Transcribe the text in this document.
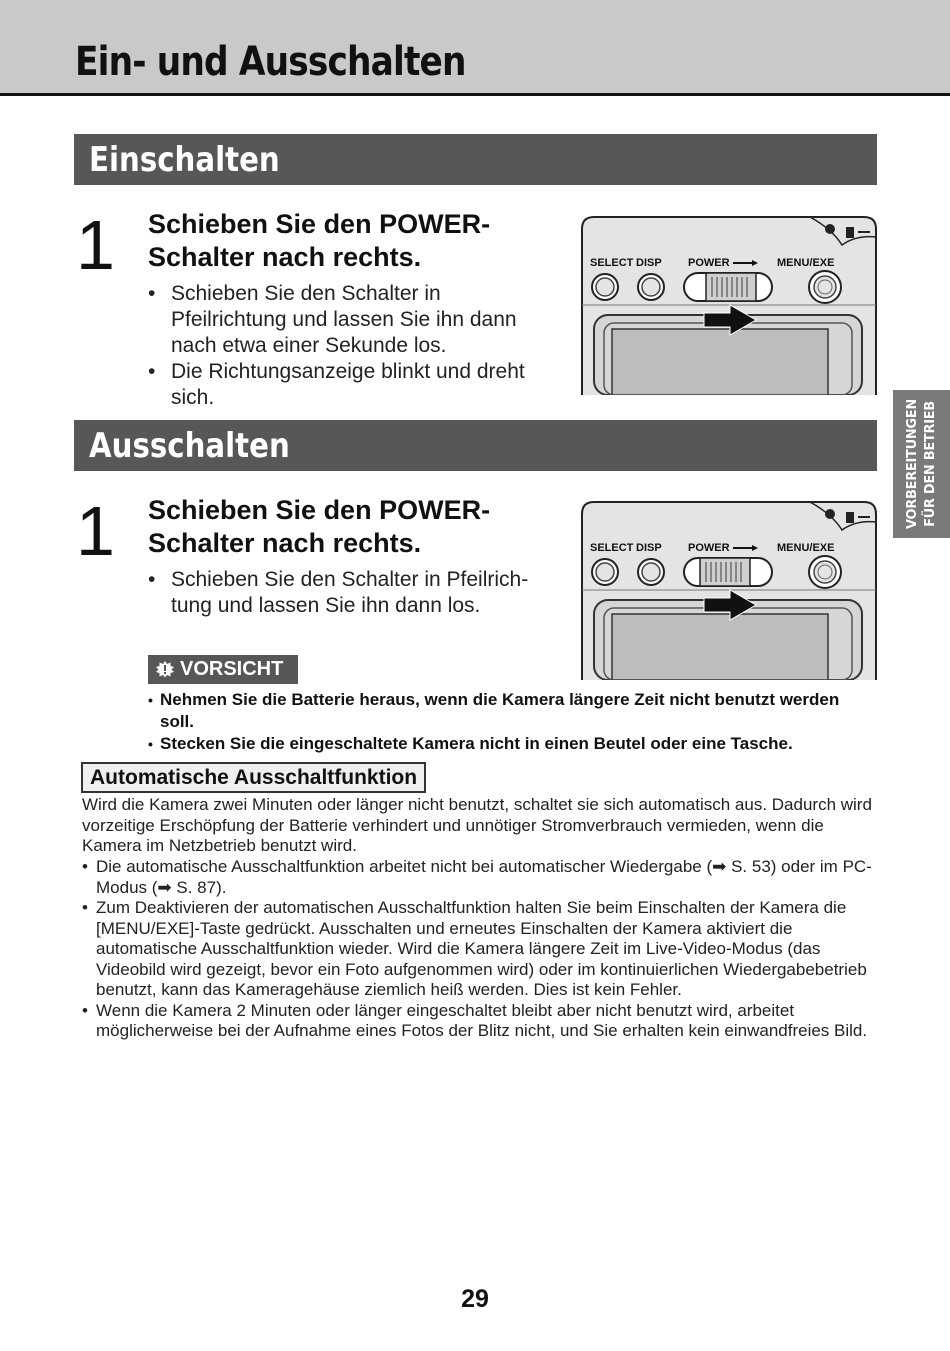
Ein- und Ausschalten
Einschalten
1 Schieben Sie den POWER-Schalter nach rechts.
• Schieben Sie den Schalter in Pfeilrichtung und lassen Sie ihn dann nach etwa einer Sekunde los.
• Die Richtungsanzeige blinkt und dreht sich.
SELECT DISP POWER	MENU/EXE
Ausschalten
1 Schieben Sie den POWER-Schalter nach rechts.
• Schieben Sie den Schalter in Pfeilrich-tung und lassen Sie ihn dann los.
SELECT DISP POWER	MENU/EXE
VORBEREITUNGEN FÜR DEN BETRIEB
VORSICHT
• Nehmen Sie die Batterie heraus, wenn die Kamera längere Zeit nicht benutzt werden soll.
• Stecken Sie die eingeschaltete Kamera nicht in einen Beutel oder eine Tasche.
Automatische Ausschaltfunktion

Wird die Kamera zwei Minuten oder länger nicht benutzt, schaltet sie sich automatisch aus. Dadurch wird vorzeitige Erschöpfung der Batterie verhindert und unnötiger Stromverbrauch vermieden, wenn die Kamera im Netzbetrieb benutzt wird.

• Die automatische Ausschaltfunktion arbeitet nicht bei automatischer Wiedergabe (➡ S. 53) oder im PC-Modus (➡ S. 87).
• Zum Deaktivieren der automatischen Ausschaltfunktion halten Sie beim Einschalten der Kamera die [MENU/EXE]-Taste gedrückt. Ausschalten und erneutes Einschalten der Kamera aktiviert die automatische Ausschaltfunktion wieder. Wird die Kamera längere Zeit im Live-Video-Modus (das Videobild wird gezeigt, bevor ein Foto aufgenommen wird) oder im kontinuierlichen Wiedergabebetrieb benutzt, kann das Kameragehäuse ziemlich heiß werden. Dies ist kein Fehler.
• Wenn die Kamera 2 Minuten oder länger eingeschaltet bleibt aber nicht benutzt wird, arbeitet möglicherweise bei der Aufnahme eines Fotos der Blitz nicht, und Sie erhalten kein einwandfreies Bild.
29
